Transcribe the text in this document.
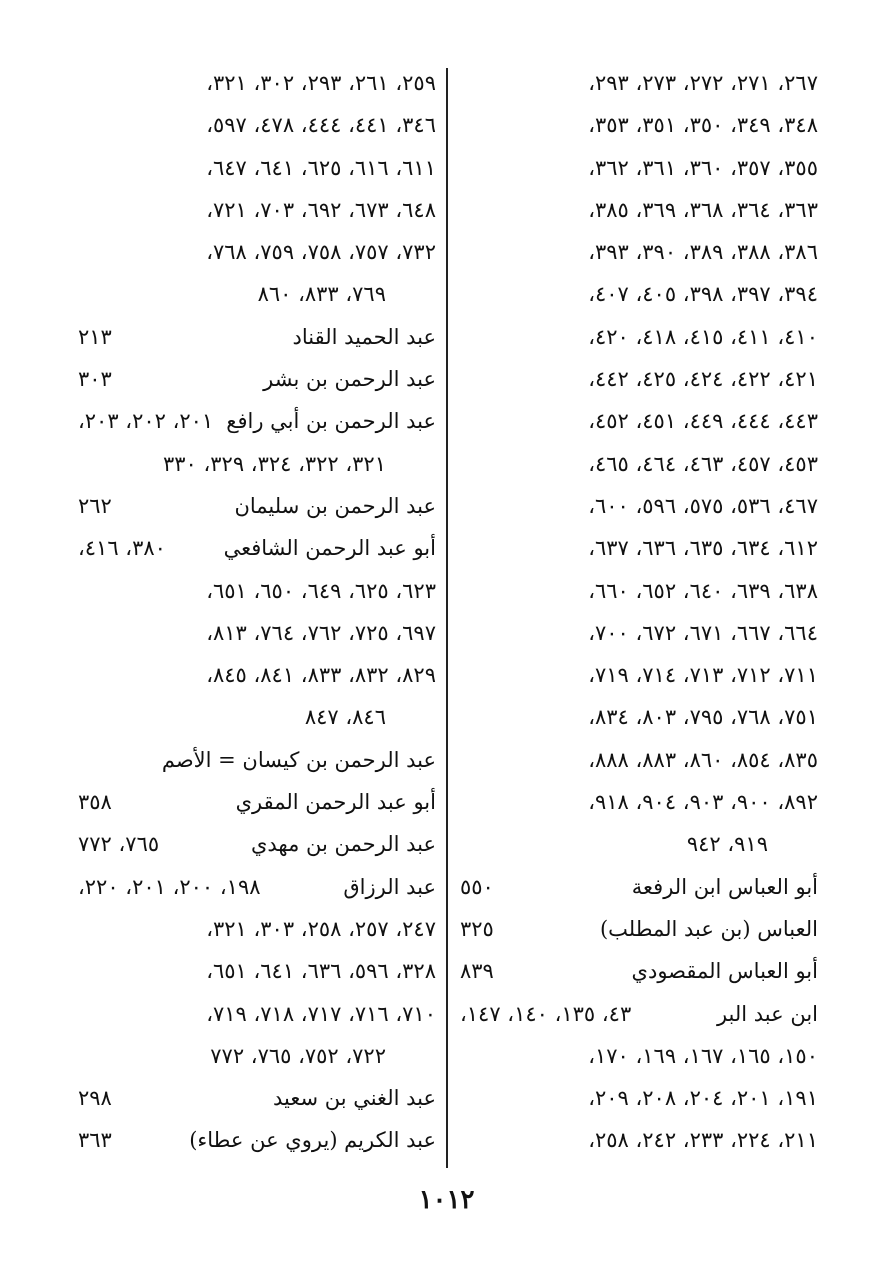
٢٦٧، ٢٧١، ٢٧٢، ٢٧٣، ٢٩٣،
٣٤٨، ٣٤٩، ٣٥٠، ٣٥١، ٣٥٣،
٣٥٥، ٣٥٧، ٣٦٠، ٣٦١، ٣٦٢،
٣٦٣، ٣٦٤، ٣٦٨، ٣٦٩، ٣٨٥،
٣٨٦، ٣٨٨، ٣٨٩، ٣٩٠، ٣٩٣،
٣٩٤، ٣٩٧، ٣٩٨، ٤٠٥، ٤٠٧،
٤١٠، ٤١١، ٤١٥، ٤١٨، ٤٢٠،
٤٢١، ٤٢٢، ٤٢٤، ٤٢٥، ٤٤٢،
٤٤٣، ٤٤٤، ٤٤٩، ٤٥١، ٤٥٢،
٤٥٣، ٤٥٧، ٤٦٣، ٤٦٤، ٤٦٥،
٤٦٧، ٥٣٦، ٥٧٥، ٥٩٦، ٦٠٠،
٦١٢، ٦٣٤، ٦٣٥، ٦٣٦، ٦٣٧،
٦٣٨، ٦٣٩، ٦٤٠، ٦٥٢، ٦٦٠،
٦٦٤، ٦٦٧، ٦٧١، ٦٧٢، ٧٠٠،
٧١١، ٧١٢، ٧١٣، ٧١٤، ٧١٩،
٧٥١، ٧٦٨، ٧٩٥، ٨٠٣، ٨٣٤،
٨٣٥، ٨٥٤، ٨٦٠، ٨٨٣، ٨٨٨،
٨٩٢، ٩٠٠، ٩٠٣، ٩٠٤، ٩١٨،
٩١٩، ٩٤٢
أبو العباس ابن الرفعة
٥٥٠
العباس (بن عبد المطلب)
٣٢٥
أبو العباس المقصودي
٨٣٩
ابن عبد البر
٤٣، ١٣٥، ١٤٠، ١٤٧،
١٥٠، ١٦٥، ١٦٧، ١٦٩، ١٧٠،
١٩١، ٢٠١، ٢٠٤، ٢٠٨، ٢٠٩،
٢١١، ٢٢٤، ٢٣٣، ٢٤٢، ٢٥٨،
٢٥٩، ٢٦١، ٢٩٣، ٣٠٢، ٣٢١،
٣٤٦، ٤٤١، ٤٤٤، ٤٧٨، ٥٩٧،
٦١١، ٦١٦، ٦٢٥، ٦٤١، ٦٤٧،
٦٤٨، ٦٧٣، ٦٩٢، ٧٠٣، ٧٢١،
٧٣٢، ٧٥٧، ٧٥٨، ٧٥٩، ٧٦٨،
٧٦٩، ٨٣٣، ٨٦٠
عبد الحميد القناد
٢١٣
عبد الرحمن بن بشر
٣٠٣
عبد الرحمن بن أبي رافع
٢٠١، ٢٠٢، ٢٠٣،
٣٢١، ٣٢٢، ٣٢٤، ٣٢٩، ٣٣٠
عبد الرحمن بن سليمان
٢٦٢
أبو عبد الرحمن الشافعي
٣٨٠، ٤١٦،
٦٢٣، ٦٢٥، ٦٤٩، ٦٥٠، ٦٥١،
٦٩٧، ٧٢٥، ٧٦٢، ٧٦٤، ٨١٣،
٨٢٩، ٨٣٢، ٨٣٣، ٨٤١، ٨٤٥،
٨٤٦، ٨٤٧
عبد الرحمن بن كيسان = الأصم
أبو عبد الرحمن المقري
٣٥٨
عبد الرحمن بن مهدي
٧٦٥، ٧٧٢
عبد الرزاق
١٩٨، ٢٠٠، ٢٠١، ٢٢٠،
٢٤٧، ٢٥٧، ٢٥٨، ٣٠٣، ٣٢١،
٣٢٨، ٥٩٦، ٦٣٦، ٦٤١، ٦٥١،
٧١٠، ٧١٦، ٧١٧، ٧١٨، ٧١٩،
٧٢٢، ٧٥٢، ٧٦٥، ٧٧٢
عبد الغني بن سعيد
٢٩٨
عبد الكريم (يروي عن عطاء)
٣٦٣
١٠١٢
